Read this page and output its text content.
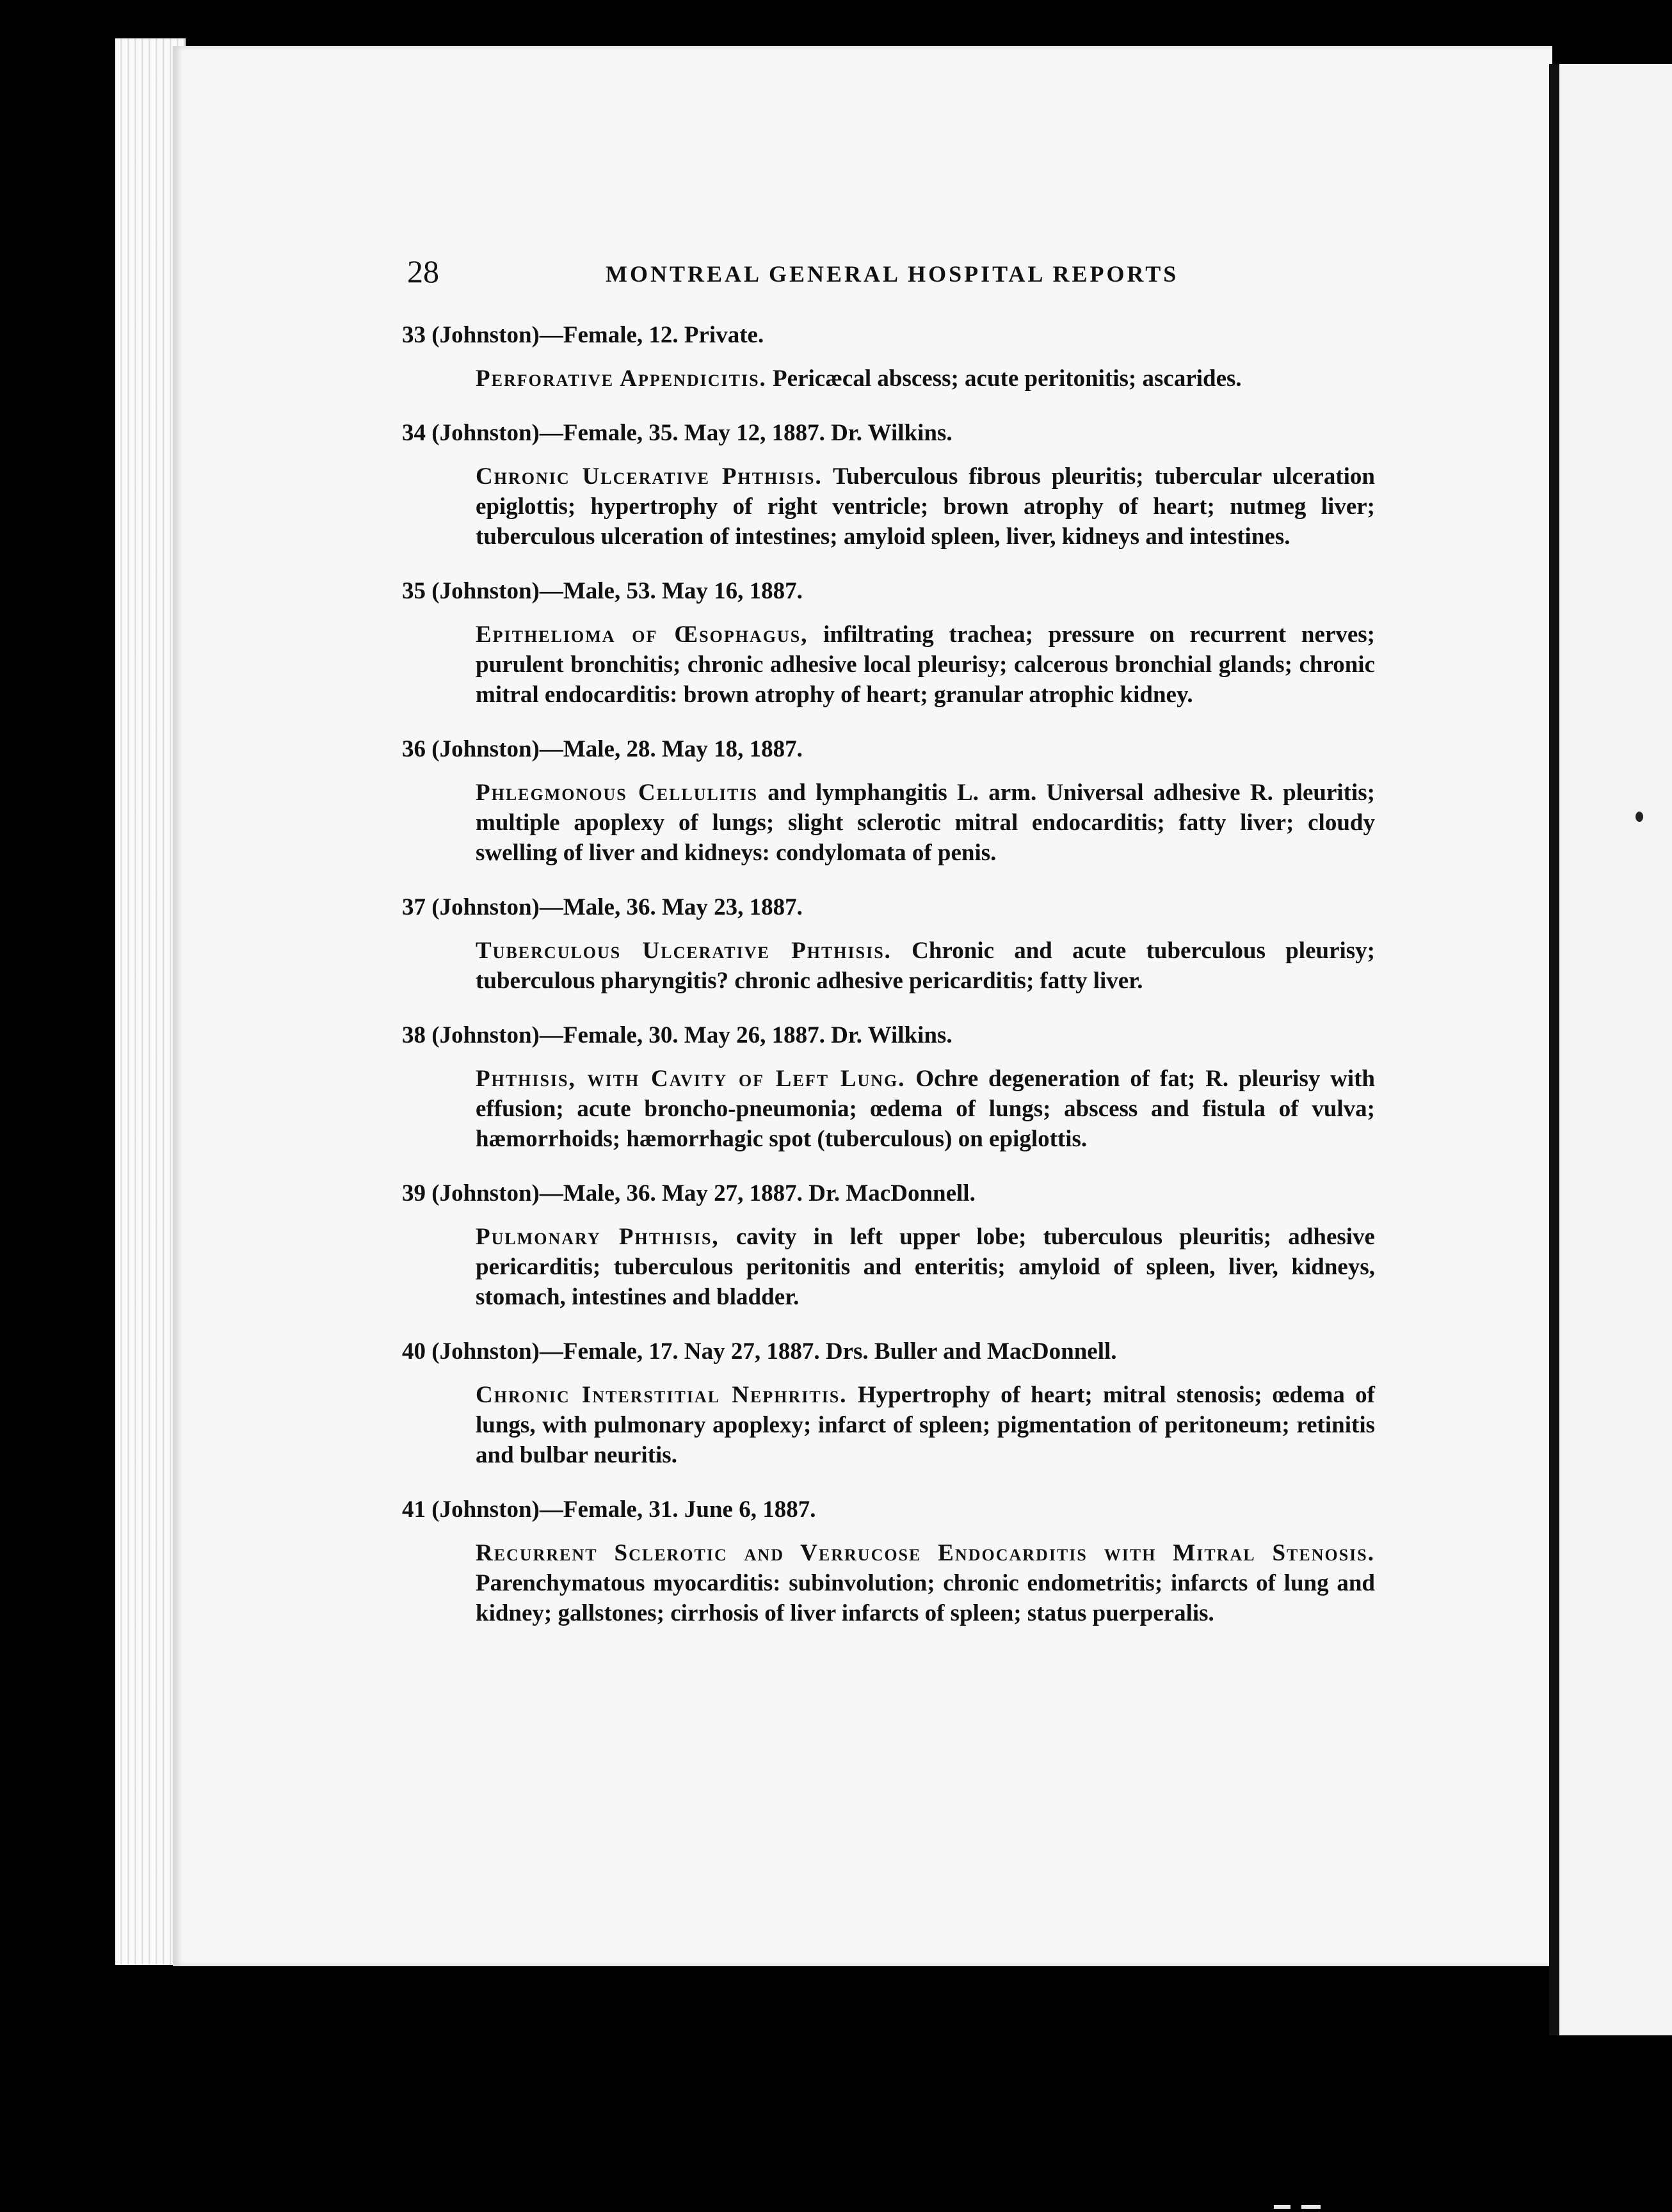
28	MONTREAL GENERAL HOSPITAL REPORTS
33 (Johnston)—Female, 12. Private.
Perforative Appendicitis. Pericæcal abscess; acute peritonitis; ascarides.
34 (Johnston)—Female, 35. May 12, 1887. Dr. Wilkins.
Chronic Ulcerative Phthisis. Tuberculous fibrous pleuritis; tubercular ulceration epiglottis; hypertrophy of right ventricle; brown atrophy of heart; nutmeg liver; tuberculous ulceration of intestines; amyloid spleen, liver, kidneys and intestines.
35 (Johnston)—Male, 53. May 16, 1887.
Epithelioma of Œsophagus, infiltrating trachea; pressure on recurrent nerves; purulent bronchitis; chronic adhesive local pleurisy; calcerous bronchial glands; chronic mitral endocarditis: brown atrophy of heart; granular atrophic kidney.
36 (Johnston)—Male, 28. May 18, 1887.
Phlegmonous Cellulitis and lymphangitis L. arm. Universal adhesive R. pleuritis; multiple apoplexy of lungs; slight sclerotic mitral endocarditis; fatty liver; cloudy swelling of liver and kidneys: condylomata of penis.
37 (Johnston)—Male, 36. May 23, 1887.
Tuberculous Ulcerative Phthisis. Chronic and acute tuberculous pleurisy; tuberculous pharyngitis? chronic adhesive pericarditis; fatty liver.
38 (Johnston)—Female, 30. May 26, 1887. Dr. Wilkins.
Phthisis, with Cavity of Left Lung. Ochre degeneration of fat; R. pleurisy with effusion; acute broncho-pneumonia; œdema of lungs; abscess and fistula of vulva; hæmorrhoids; hæmorrhagic spot (tuberculous) on epiglottis.
39 (Johnston)—Male, 36. May 27, 1887. Dr. MacDonnell.
Pulmonary Phthisis, cavity in left upper lobe; tuberculous pleuritis; adhesive pericarditis; tuberculous peritonitis and enteritis; amyloid of spleen, liver, kidneys, stomach, intestines and bladder.
40 (Johnston)—Female, 17. Nay 27, 1887. Drs. Buller and MacDonnell.
Chronic Interstitial Nephritis. Hypertrophy of heart; mitral stenosis; œdema of lungs, with pulmonary apoplexy; infarct of spleen; pigmentation of peritoneum; retinitis and bulbar neuritis.
41 (Johnston)—Female, 31. June 6, 1887.
Recurrent Sclerotic and Verrucose Endocarditis with Mitral Stenosis. Parenchymatous myocarditis: subinvolution; chronic endometritis; infarcts of lung and kidney; gallstones; cirrhosis of liver infarcts of spleen; status puerperalis.
